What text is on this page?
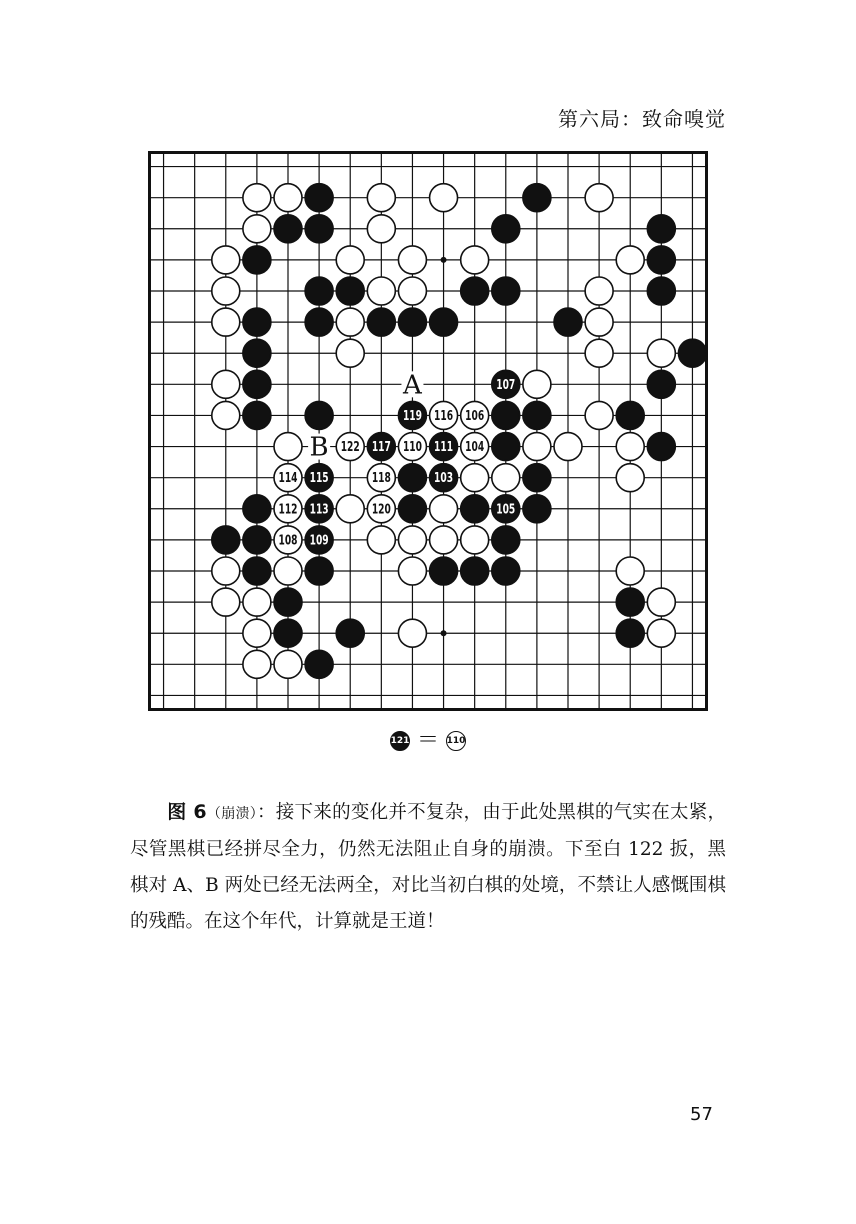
第六局：致命嗅觉
107
119 116 106
122 117 110 111 104
114 115	118	103
112 113	120	105
108 109
A
B
121 ＝ 110

  图 6（崩溃）：接下来的变化并不复杂，由于此处黑棋的气实在太紧，尽管黑棋已经拼尽全力，仍然无法阻止自身的崩溃。下至白 122 扳，黑棋对 A、B 两处已经无法两全，对比当初白棋的处境，不禁让人感慨围棋的残酷。在这个年代，计算就是王道！

57
